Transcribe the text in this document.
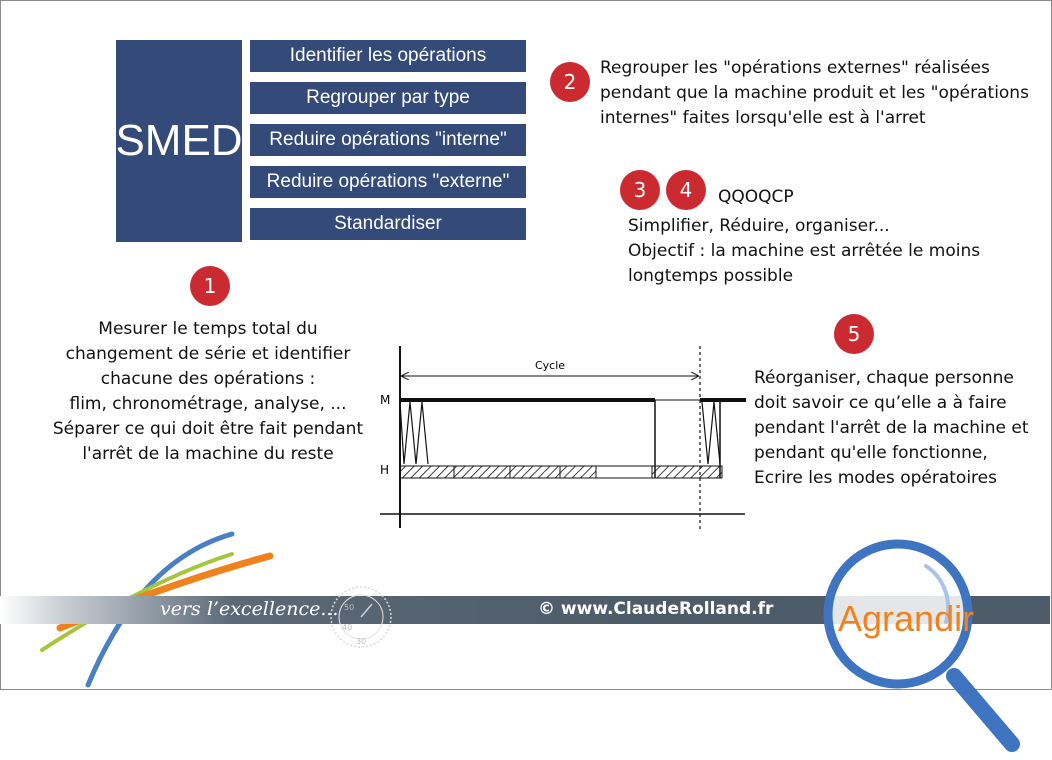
SMED
Identifier les opérations
Regrouper par type
Reduire opérations "interne"
Reduire opérations "externe"
Standardiser
1
Mesurer le temps total du
changement de série et identifier
chacune des opérations :
flim, chronométrage, analyse, ...
Séparer ce qui doit être fait pendant
l'arrêt de la machine du reste
2
Regrouper les "opérations externes" réalisées
pendant que la machine produit et les "opérations
internes" faites lorsqu'elle est à l'arret
3	4	QQOQCP
Simplifier, Réduire, organiser...
Objectif : la machine est arrêtée le moins
longtemps possible
5
Réorganiser, chaque personne
doit savoir ce qu’elle a à faire
pendant l'arrêt de la machine et
pendant qu'elle fonctionne,
Ecrire les modes opératoires
Cycle
M
H
50
40
30
vers l’excellence...	© www.ClaudeRolland.fr Agrandir
